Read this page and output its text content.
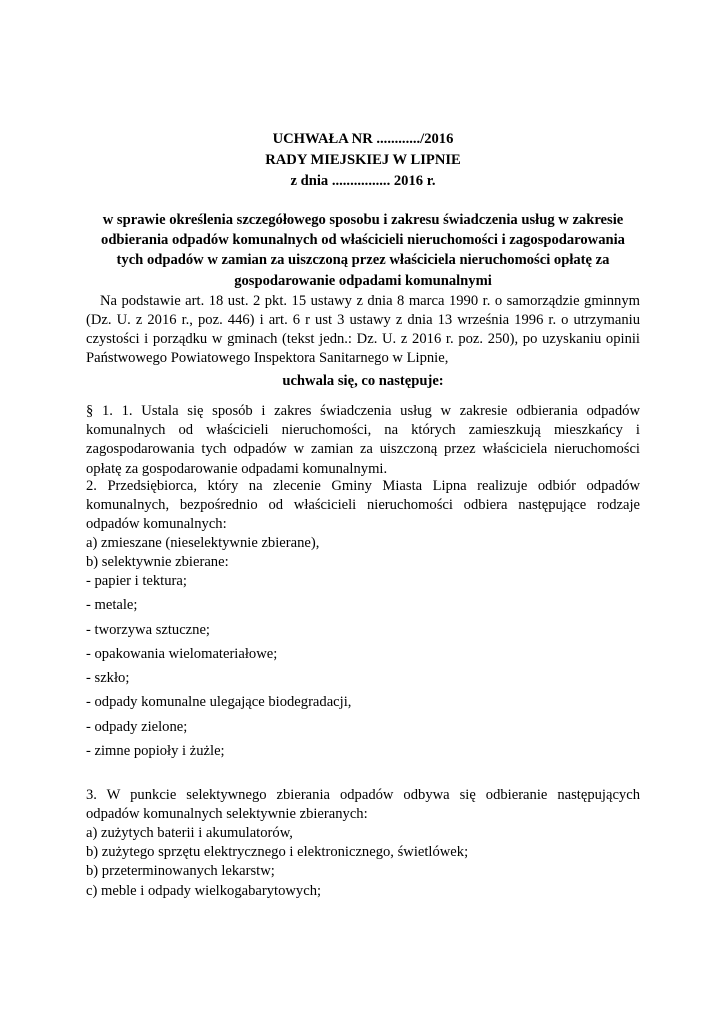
UCHWAŁA NR ............/2016
RADY MIEJSKIEJ W LIPNIE
z dnia ................ 2016 r.
w sprawie określenia szczegółowego sposobu i zakresu świadczenia usług w zakresie odbierania odpadów komunalnych od właścicieli nieruchomości i zagospodarowania tych odpadów w zamian za uiszczoną przez właściciela nieruchomości opłatę za gospodarowanie odpadami komunalnymi
Na podstawie art. 18 ust. 2 pkt. 15 ustawy z dnia 8 marca 1990 r. o samorządzie gminnym (Dz. U. z 2016 r., poz. 446) i art. 6 r ust 3 ustawy z dnia 13 września 1996 r. o utrzymaniu czystości i porządku w gminach (tekst jedn.: Dz. U. z 2016 r. poz. 250), po uzyskaniu opinii Państwowego Powiatowego Inspektora Sanitarnego w Lipnie,
uchwala się, co następuje:
§ 1. 1. Ustala się sposób i zakres świadczenia usług w zakresie odbierania odpadów komunalnych od właścicieli nieruchomości, na których zamieszkują mieszkańcy i zagospodarowania tych odpadów w zamian za uiszczoną przez właściciela nieruchomości opłatę za gospodarowanie odpadami komunalnymi.
2. Przedsiębiorca, który na zlecenie Gminy Miasta Lipna realizuje odbiór odpadów komunalnych, bezpośrednio od właścicieli nieruchomości odbiera następujące rodzaje odpadów komunalnych:
a) zmieszane (nieselektywnie zbierane),
b) selektywnie zbierane:
- papier i tektura;
- metale;
- tworzywa sztuczne;
- opakowania wielomateriałowe;
- szkło;
- odpady komunalne ulegające biodegradacji,
- odpady zielone;
- zimne popioły i żużle;
3. W punkcie selektywnego zbierania odpadów odbywa się odbieranie następujących odpadów komunalnych selektywnie zbieranych:
a) zużytych baterii i akumulatorów,
b) zużytego sprzętu elektrycznego i elektronicznego, świetlówek;
b) przeterminowanych lekarstw;
c) meble i odpady wielkogabarytowych;
